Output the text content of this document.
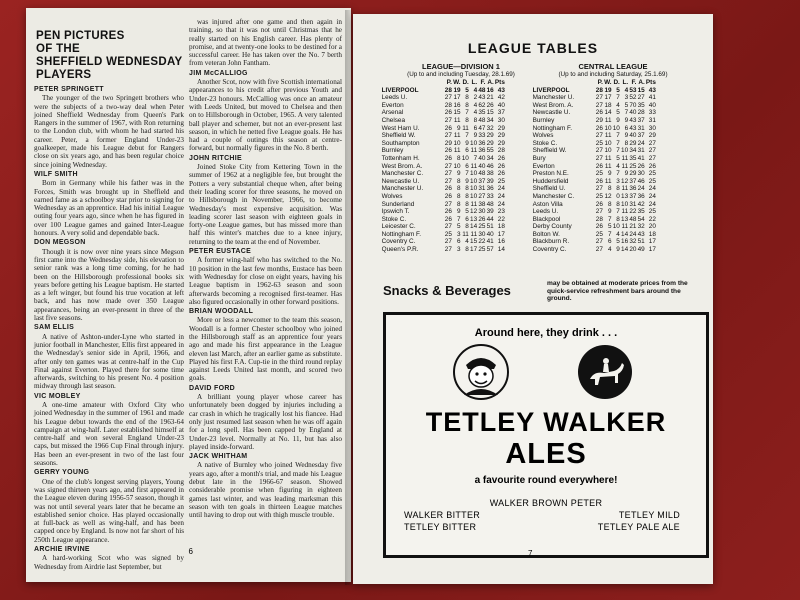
PEN PICTURES
OF THE
SHEFFIELD WEDNESDAY
PLAYERS
PETER SPRINGETT
The younger of the two Springett brothers who were the subjects of a two-way deal when Peter joined Sheffield Wednesday from Queen's Park Rangers in the summer of 1967, with Ron returning to the London club, with whom he had started his career. Peter, a former England Under-23 goalkeeper, made his League debut for Rangers close on six years ago, and has been regular choice since joining Wednesday.
WILF SMITH
Born in Germany while his father was in the Forces, Smith was brought up in Sheffield and earned fame as a schoolboy star prior to signing for Wednesday as an apprentice. Had his initial League outing four years ago, since when he has figured in over 100 League games and gained Inter-League honours. A very solid and dependable back.
DON MEGSON
Though it is now over nine years since Megson first came into the Wednesday side, his elevation to senior rank was a long time coming, for he had been on the Hillsborough professional books six years before getting his League baptism. He started as a left winger, but found his true vocation at left back, and has now made over 350 League appearances, being an ever-present in three of the last five seasons.
SAM ELLIS
A native of Ashton-under-Lyne who started in junior football in Manchester, Ellis first appeared in the Wednesday's senior side in April, 1966, and after only ten games was at centre-half in the Cup Final against Everton. Played there for some time afterwards, switching to his present No. 4 position midway through last season.
VIC MOBLEY
A one-time amateur with Oxford City who joined Wednesday in the summer of 1961 and made his League debut towards the end of the 1963-64 campaign at wing-half. Later established himself at centre-half and won several England Under-23 caps, but missed the 1966 Cup Final through injury. Has been an ever-present in two of the last four seasons.
GERRY YOUNG
One of the club's longest serving players, Young was signed thirteen years ago, and first appeared in the League eleven during 1956-57 season, though it was not until several years later that he became an established senior choice. Has played occasionally at full-back as well as wing-half, and has been capped once by England. Is now not far short of his 250th League appearance.
ARCHIE IRVINE
A hard-working Scot who was signed by Wednesday from Airdrie last September, but
was injured after one game and then again in training, so that it was not until Christmas that he really started on his English career. Has plenty of promise, and at twenty-one looks to be destined for a successful career. He has taken over the No. 7 berth from veteran John Fantham.
JIM McCALLIOG
Another Scot, now with five Scottish international appearances to his credit after previous Youth and Under-23 honours. McCalliog was once an amateur with Leeds United, but moved to Chelsea and then on to Hillsborough in October, 1965. A very talented ball player and schemer, but not an ever-present last season, in which he netted five League goals. He has had a couple of outings this season at centre-forward, but normally figures in the No. 8 berth.
JOHN RITCHIE
Joined Stoke City from Kettering Town in the summer of 1962 at a negligible fee, but brought the Potters a very substantial cheque when, after being their leading scorer for three seasons, he moved on to Hillsborough in November, 1966, to become Wednesday's most expensive acquisition. Was leading scorer last season with eighteen goals in forty-one League games, but has missed more than half this winter's matches due to a knee injury, returning to the team at the end of November.
PETER EUSTACE
A former wing-half who has switched to the No. 10 position in the last few months, Eustace has been with Wednesday for close on eight years, having his League baptism in 1962-63 season and soon afterwards becoming a recognised first-teamer. Has also figured occasionally in other forward positions.
BRIAN WOODALL
More or less a newcomer to the team this season, Woodall is a former Chester schoolboy who joined the Hillsborough staff as an apprentice four years ago and made his first appearance in the League eleven last March, after an earlier game as substitute. Played his first F.A. Cup-tie in the third round replay against Leeds United last month, and scored two goals.
DAVID FORD
A brilliant young player whose career has unfortunately been dogged by injuries including a car crash in which he tragically lost his fiancee. Had only just resumed last season when he was off again for a long spell. Has been capped by England at Under-23 level. Normally at No. 11, but has also played inside-forward.
JACK WHITHAM
A native of Burnley who joined Wednesday five years ago, after a month's trial, and made his League debut late in the 1966-67 season. Showed considerable promise when figuring in eighteen games last winter, and was leading marksman this season with ten goals in thirteen League matches until having to drop out with thigh muscle trouble.
6
LEAGUE TABLES
LEAGUE—DIVISION 1
(Up to and including Tuesday, 28.1.69)
	P.	W.	D.	L.	F.	A.	Pts
LIVERPOOL	28	19	5	4	48	16	43
Leeds U.	27	17	8	2	43	21	42
Everton	28	16	8	4	62	26	40
Arsenal	26	15	7	4	35	15	37
Chelsea	27	11	8	8	48	34	30
West Ham U.	26	9	11	6	47	32	29
Sheffield W.	27	11	7	9	33	29	29
Southampton	29	10	9	10	36	29	29
Burnley	26	11	6	11	36	55	28
Tottenham H.	26	8	10	7	40	34	26
West Brom. A.	27	10	6	11	40	46	26
Manchester C.	27	9	7	10	48	38	26
Newcastle U.	27	8	9	10	37	39	25
Manchester U.	26	8	8	10	31	36	24
Wolves	26	8	8	10	27	33	24
Sunderland	27	8	8	11	38	48	24
Ipswich T.	26	9	5	12	30	39	23
Stoke C.	26	7	6	13	26	44	22
Leicester C.	27	5	8	14	25	51	18
Nottingham F.	25	3	11	11	30	40	17
Coventry C.	27	6	4	15	22	41	16
Queen's P.R.	27	3	8	17	25	57	14
CENTRAL LEAGUE
(Up to and including Saturday, 25.1.69)
	P.	W.	D.	L.	F.	A.	Pts
LIVERPOOL	28	19	5	4	53	15	43
Manchester U.	27	17	7	3	52	27	41
West Brom. A.	27	18	4	5	70	35	40
Newcastle U.	26	14	5	7	40	28	33
Burnley	29	11	9	9	43	37	31
Nottingham F.	26	10	10	6	43	31	30
Wolves	27	11	7	9	40	37	29
Stoke C.	25	10	7	8	29	24	27
Sheffield W.	27	10	7	10	34	31	27
Bury	27	11	5	11	35	41	27
Everton	26	11	4	11	25	26	26
Preston N.E.	25	9	7	9	29	30	25
Huddersfield	26	11	3	12	37	46	25
Sheffield U.	27	8	8	11	36	24	24
Manchester C.	25	12	0	13	37	36	24
Aston Villa	26	8	8	10	31	42	24
Leeds U.	27	9	7	11	22	35	25
Blackpool	28	7	8	13	48	54	22
Derby County	26	5	10	11	21	32	20
Bolton W.	25	7	4	14	24	43	18
Blackburn R.	27	6	5	16	32	51	17
Coventry C.	27	4	9	14	20	49	17
Snacks & Beverages	may be obtained at moderate prices from the quick-service refreshment bars around the ground.
Around here, they drink . . .
TETLEY WALKER
ALES
a favourite round everywhere!
WALKER BROWN PETER
WALKER BITTER	TETLEY MILD
TETLEY BITTER	TETLEY PALE ALE
7
